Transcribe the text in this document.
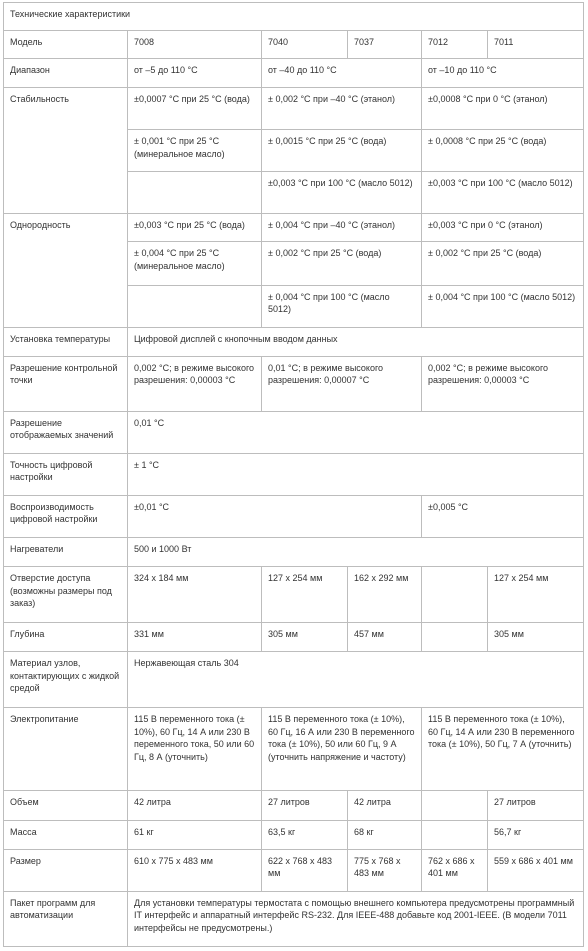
Технические характеристики					
Модель	7008	7040	7037	7012	7011
Диапазон	от –5 до 110 °C	от –40 до 110 °C		от –10 до 110 °C	
Стабильность	±0,0007 °C при 25 °C (вода)	± 0,002 °C при –40 °C (этанол)		±0,0008 °C при 0 °C (этанол)	
	± 0,001 °C при 25 °C (минеральное масло)	± 0,0015 °C при 25 °C (вода)		± 0,0008 °C при 25 °C (вода)	
		±0,003 °C при 100 °C (масло 5012)		±0,003 °C при 100 °C (масло 5012)	
Однородность	±0,003 °C при 25 °C (вода)	± 0,004 °C при –40 °C (этанол)		±0,003 °C при 0 °C (этанол)	
	± 0,004 °C при 25 °C (минеральное масло)	± 0,002 °C при 25 °C (вода)		± 0,002 °C при 25 °C (вода)	
		± 0,004 °C при 100 °C (масло 5012)		± 0,004 °C при 100 °C (масло 5012)	
Установка температуры	Цифровой дисплей с кнопочным вводом данных				
Разрешение контрольной точки	0,002 °C; в режиме высокого разрешения: 0,00003 °C	0,01 °C; в режиме высокого разрешения: 0,00007 °C		0,002 °C; в режиме высокого разрешения: 0,00003 °C	
Разрешение отображаемых значений	0,01 °C				
Точность цифровой настройки	± 1 °C				
Воспроизводимость цифровой настройки	±0,01 °C			±0,005 °C	
Нагреватели	500 и 1000 Вт				
Отверстие доступа (возможны размеры под заказ)	324 x 184 мм	127 x 254 мм	162 x 292 мм		127 x 254 мм
Глубина	331 мм	305 мм	457 мм		305 мм
Материал узлов, контактирующих с жидкой средой	Нержавеющая сталь 304				
Электропитание	115 В переменного тока (± 10%), 60 Гц, 14 А или 230 В переменного тока, 50 или 60 Гц, 8 А (уточнить)	115 В переменного тока (± 10%), 60 Гц, 16 А или 230 В переменного тока (± 10%), 50 или 60 Гц, 9 А (уточнить напряжение и частоту)		115 В переменного тока (± 10%), 60 Гц, 14 А или 230 В переменного тока (± 10%), 50 Гц, 7 А (уточнить)	
Объем	42 литра	27 литров	42 литра		27 литров
Масса	61 кг	63,5 кг	68 кг		56,7 кг
Размер	610 x 775 x 483 мм	622 x 768 x 483 мм	775 x 768 x 483 мм	762 x 686 x 401 мм	559 x 686 x 401 мм
Пакет программ для автоматизации	Для установки температуры термостата с помощью внешнего компьютера предусмотрены программный IT интерфейс и аппаратный интерфейс RS-232. Для IEEE-488 добавьте код 2001-IEEE. (В модели 7011 интерфейсы не предусмотрены.)				
